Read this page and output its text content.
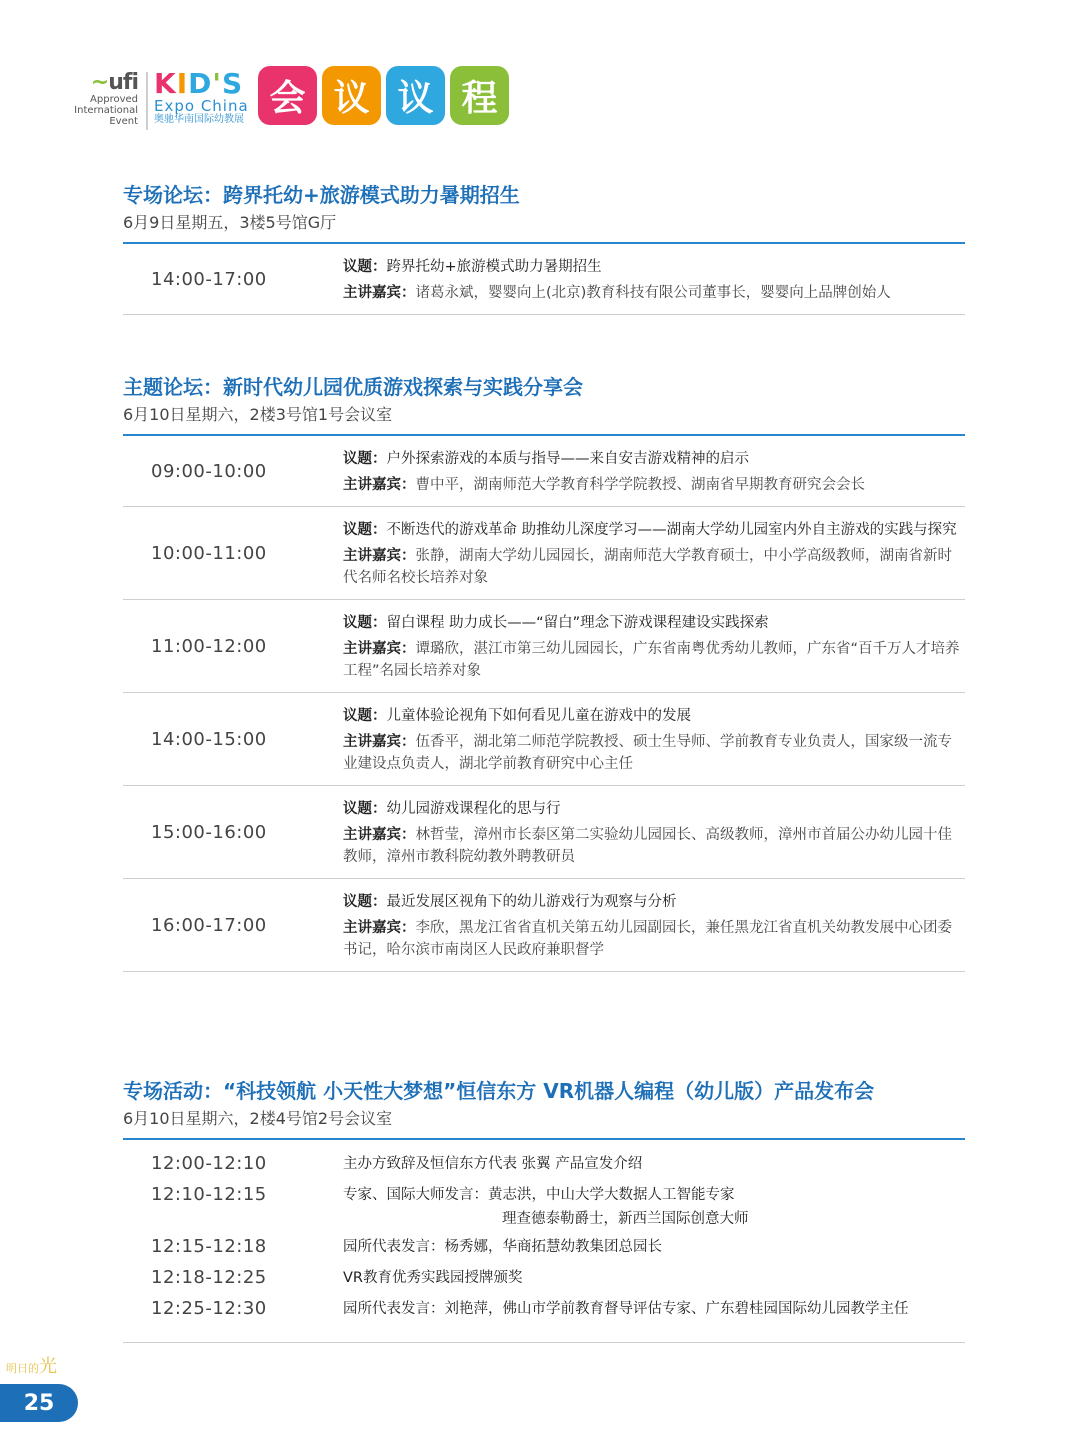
~ufi
Approved
International
Event
KID'S
Expo China
奥驰华南国际幼教展
会 议 议 程
专场论坛：跨界托幼+旅游模式助力暑期招生
6月9日星期五，3楼5号馆G厅
14:00-17:00
议题：跨界托幼+旅游模式助力暑期招生
主讲嘉宾：诸葛永斌，婴婴向上(北京)教育科技有限公司董事长，婴婴向上品牌创始人
主题论坛：新时代幼儿园优质游戏探索与实践分享会
6月10日星期六，2楼3号馆1号会议室
09:00-10:00
议题：户外探索游戏的本质与指导——来自安吉游戏精神的启示
主讲嘉宾：曹中平，湖南师范大学教育科学学院教授、湖南省早期教育研究会会长
10:00-11:00
议题：不断迭代的游戏革命 助推幼儿深度学习——湖南大学幼儿园室内外自主游戏的实践与探究
主讲嘉宾：张静，湖南大学幼儿园园长，湖南师范大学教育硕士，中小学高级教师，湖南省新时代名师名校长培养对象
11:00-12:00
议题：留白课程 助力成长——“留白”理念下游戏课程建设实践探索
主讲嘉宾：谭璐欣，湛江市第三幼儿园园长，广东省南粤优秀幼儿教师，广东省“百千万人才培养工程”名园长培养对象
14:00-15:00
议题：儿童体验论视角下如何看见儿童在游戏中的发展
主讲嘉宾：伍香平，湖北第二师范学院教授、硕士生导师、学前教育专业负责人，国家级一流专业建设点负责人，湖北学前教育研究中心主任
15:00-16:00
议题：幼儿园游戏课程化的思与行
主讲嘉宾：林哲莹，漳州市长泰区第二实验幼儿园园长、高级教师，漳州市首届公办幼儿园十佳教师，漳州市教科院幼教外聘教研员
16:00-17:00
议题：最近发展区视角下的幼儿游戏行为观察与分析
主讲嘉宾：李欣，黑龙江省省直机关第五幼儿园副园长，兼任黑龙江省直机关幼教发展中心团委书记，哈尔滨市南岗区人民政府兼职督学
专场活动：“科技领航 小天性大梦想”恒信东方 VR机器人编程（幼儿版）产品发布会
6月10日星期六，2楼4号馆2号会议室
12:00-12:10	主办方致辞及恒信东方代表 张翼 产品宣发介绍
12:10-12:15	专家、国际大师发言：黄志洪，中山大学大数据人工智能专家
理查德泰勒爵士，新西兰国际创意大师
12:15-12:18	园所代表发言：杨秀娜，华商拓慧幼教集团总园长
12:18-12:25	VR教育优秀实践园授牌颁奖
12:25-12:30	园所代表发言：刘艳萍，佛山市学前教育督导评估专家、广东碧桂园国际幼儿园教学主任
明日的光
25
